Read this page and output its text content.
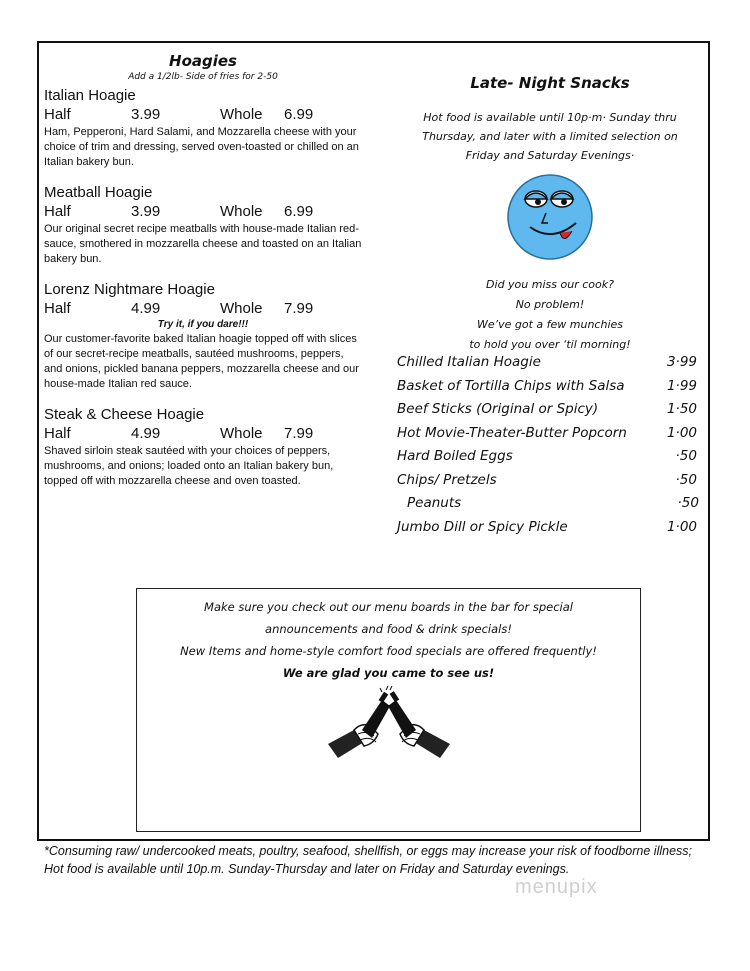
Hoagies
Add a 1/2lb- Side of fries for 2-50
Italian Hoagie
Half	3.99	Whole 6.99
Ham, Pepperoni, Hard Salami, and Mozzarella cheese with your choice of trim and dressing, served oven-toasted or chilled on an Italian bakery bun.
Meatball Hoagie
Half	3.99	Whole 6.99
Our original secret recipe meatballs with house-made Italian red-sauce, smothered in mozzarella cheese and toasted on an Italian bakery bun.
Lorenz Nightmare Hoagie
Half	4.99	Whole 7.99
Try it, if you dare!!!
Our customer-favorite baked Italian hoagie topped off with slices of our secret-recipe meatballs, sautéed mushrooms, peppers, and onions, pickled banana peppers, mozzarella cheese and our house-made Italian red sauce.
Steak & Cheese Hoagie
Half	4.99	Whole 7.99
Shaved sirloin steak sautéed with your choices of peppers, mushrooms, and onions; loaded onto an Italian bakery bun, topped off with mozzarella cheese and oven toasted.
Late- Night Snacks
Hot food is available until 10p·m· Sunday thru
Thursday, and later with a limited selection on
Friday and Saturday Evenings·
Did you miss our cook?
No problem!
We’ve got a few munchies
to hold you over ‘til morning!
Chilled Italian Hoagie	3·99
Basket of Tortilla Chips with Salsa	1·99
Beef Sticks (Original or Spicy)	1·50
Hot Movie-Theater-Butter Popcorn	1·00
Hard Boiled Eggs	·50
Chips/ Pretzels	·50
Peanuts	·50
Jumbo Dill or Spicy Pickle	1·00
Make sure you check out our menu boards in the bar for special
announcements and food & drink specials!
New Items and home-style comfort food specials are offered frequently!
We are glad you came to see us!
*Consuming raw/ undercooked meats, poultry, seafood, shellfish, or eggs may increase your risk of foodborne illness;
Hot food is available until 10p.m. Sunday-Thursday and later on Friday and Saturday evenings.
menupix
